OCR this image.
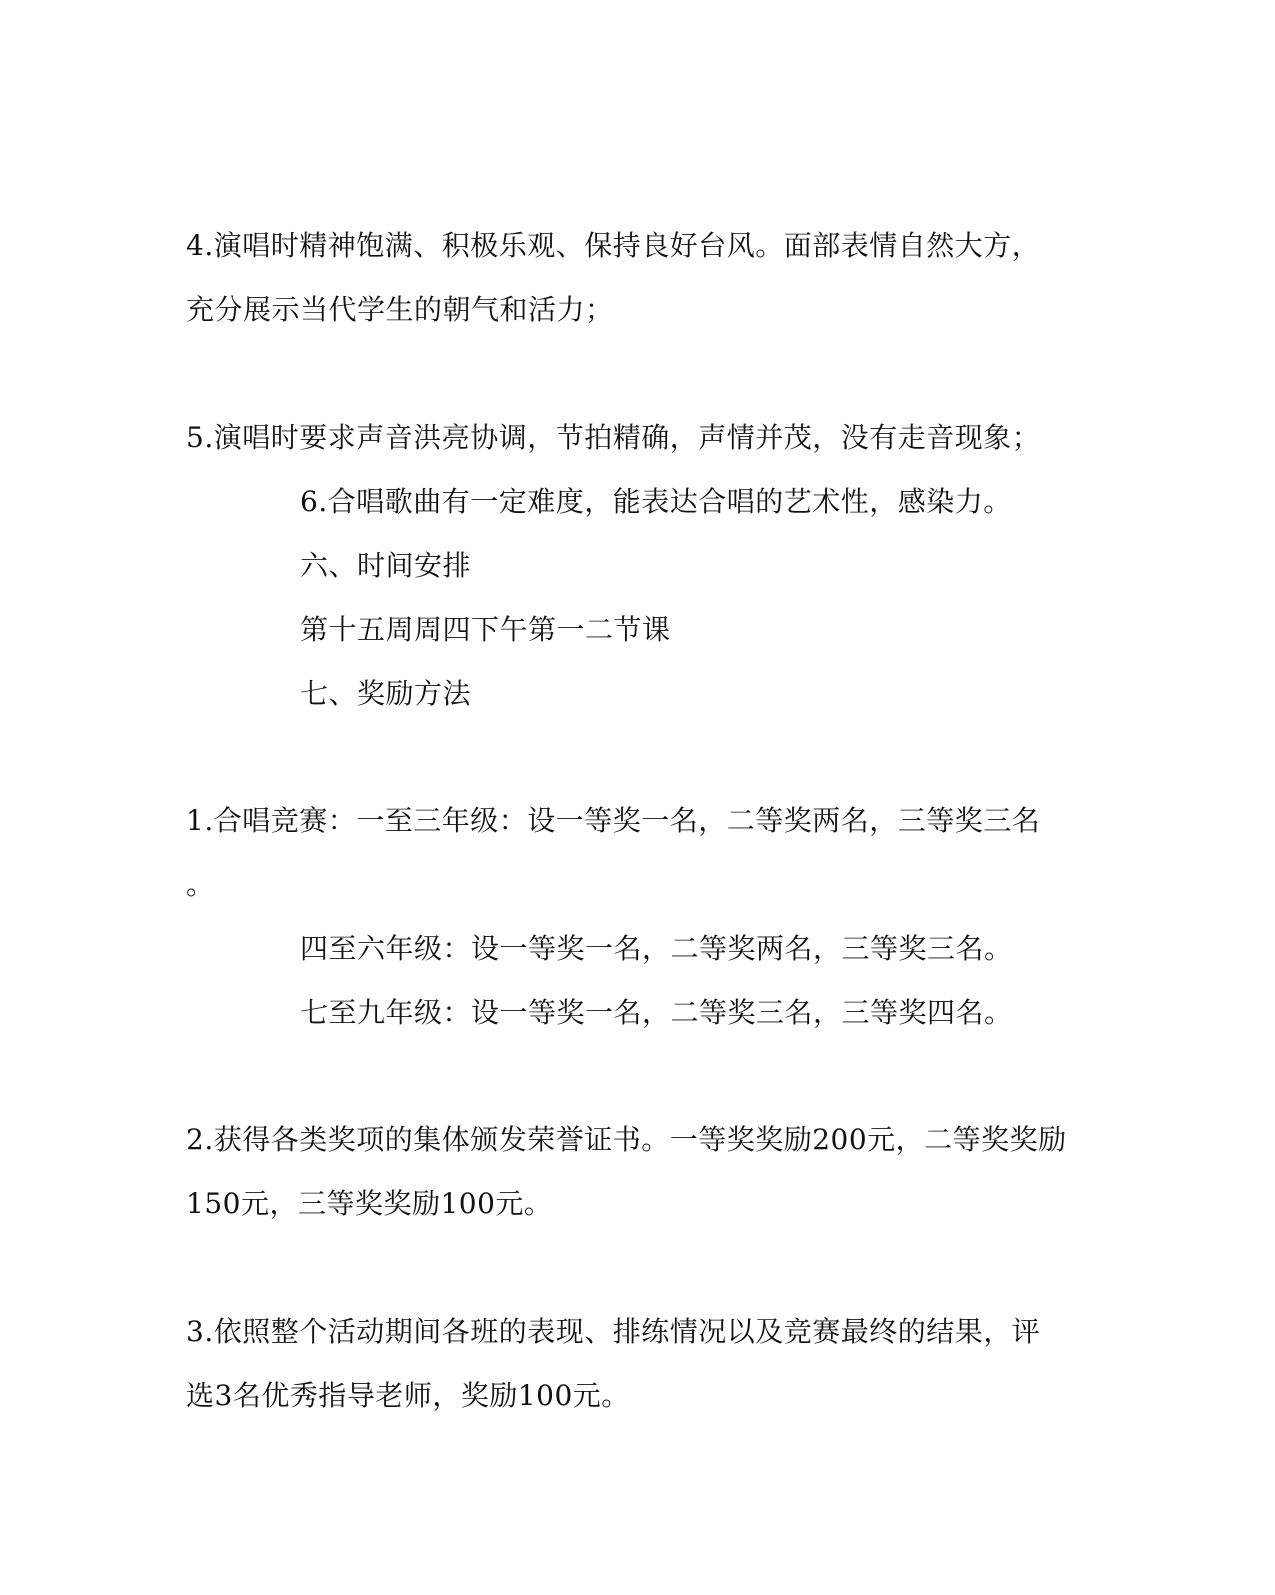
4.演唱时精神饱满、积极乐观、保持良好台风。面部表情自然大方，
充分展示当代学生的朝气和活力；
5.演唱时要求声音洪亮协调，节拍精确，声情并茂，没有走音现象；
6.合唱歌曲有一定难度，能表达合唱的艺术性，感染力。
六、时间安排
第十五周周四下午第一二节课
七、奖励方法
1.合唱竞赛：一至三年级：设一等奖一名，二等奖两名，三等奖三名
。
四至六年级：设一等奖一名，二等奖两名，三等奖三名。
七至九年级：设一等奖一名，二等奖三名，三等奖四名。
2.获得各类奖项的集体颁发荣誉证书。一等奖奖励200元，二等奖奖励
150元，三等奖奖励100元。
3.依照整个活动期间各班的表现、排练情况以及竞赛最终的结果，评
选3名优秀指导老师，奖励100元。
